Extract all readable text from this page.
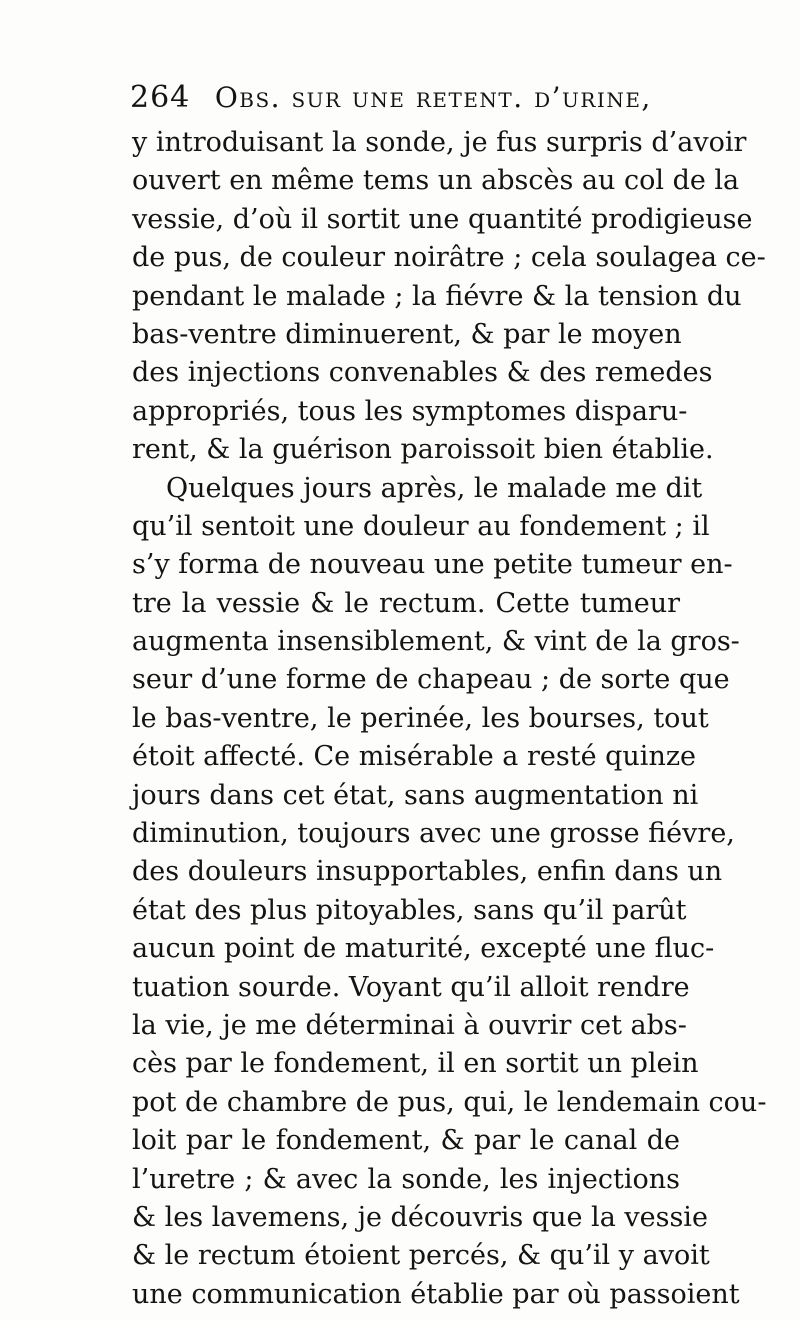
264 Obs. sur une retent. d’urine,
y introduisant la sonde, je fus surpris d’avoir
ouvert en même tems un abscès au col de la
vessie, d’où il sortit une quantité prodigieuse
de pus, de couleur noirâtre ; cela soulagea ce-
pendant le malade ; la fiévre & la tension du
bas-ventre diminuerent, & par le moyen
des injections convenables & des remedes
appropriés, tous les symptomes disparu-
rent, & la guérison paroissoit bien établie.
Quelques jours après, le malade me dit
qu’il sentoit une douleur au fondement ; il
s’y forma de nouveau une petite tumeur en-
tre la vessie & le rectum. Cette tumeur
augmenta insensiblement, & vint de la gros-
seur d’une forme de chapeau ; de sorte que
le bas-ventre, le perinée, les bourses, tout
étoit affecté. Ce misérable a resté quinze
jours dans cet état, sans augmentation ni
diminution, toujours avec une grosse fiévre,
des douleurs insupportables, enfin dans un
état des plus pitoyables, sans qu’il parût
aucun point de maturité, excepté une fluc-
tuation sourde. Voyant qu’il alloit rendre
la vie, je me déterminai à ouvrir cet abs-
cès par le fondement, il en sortit un plein
pot de chambre de pus, qui, le lendemain cou-
loit par le fondement, & par le canal de
l’uretre ; & avec la sonde, les injections
& les lavemens, je découvris que la vessie
& le rectum étoient percés, & qu’il y avoit
une communication établie par où passoient
